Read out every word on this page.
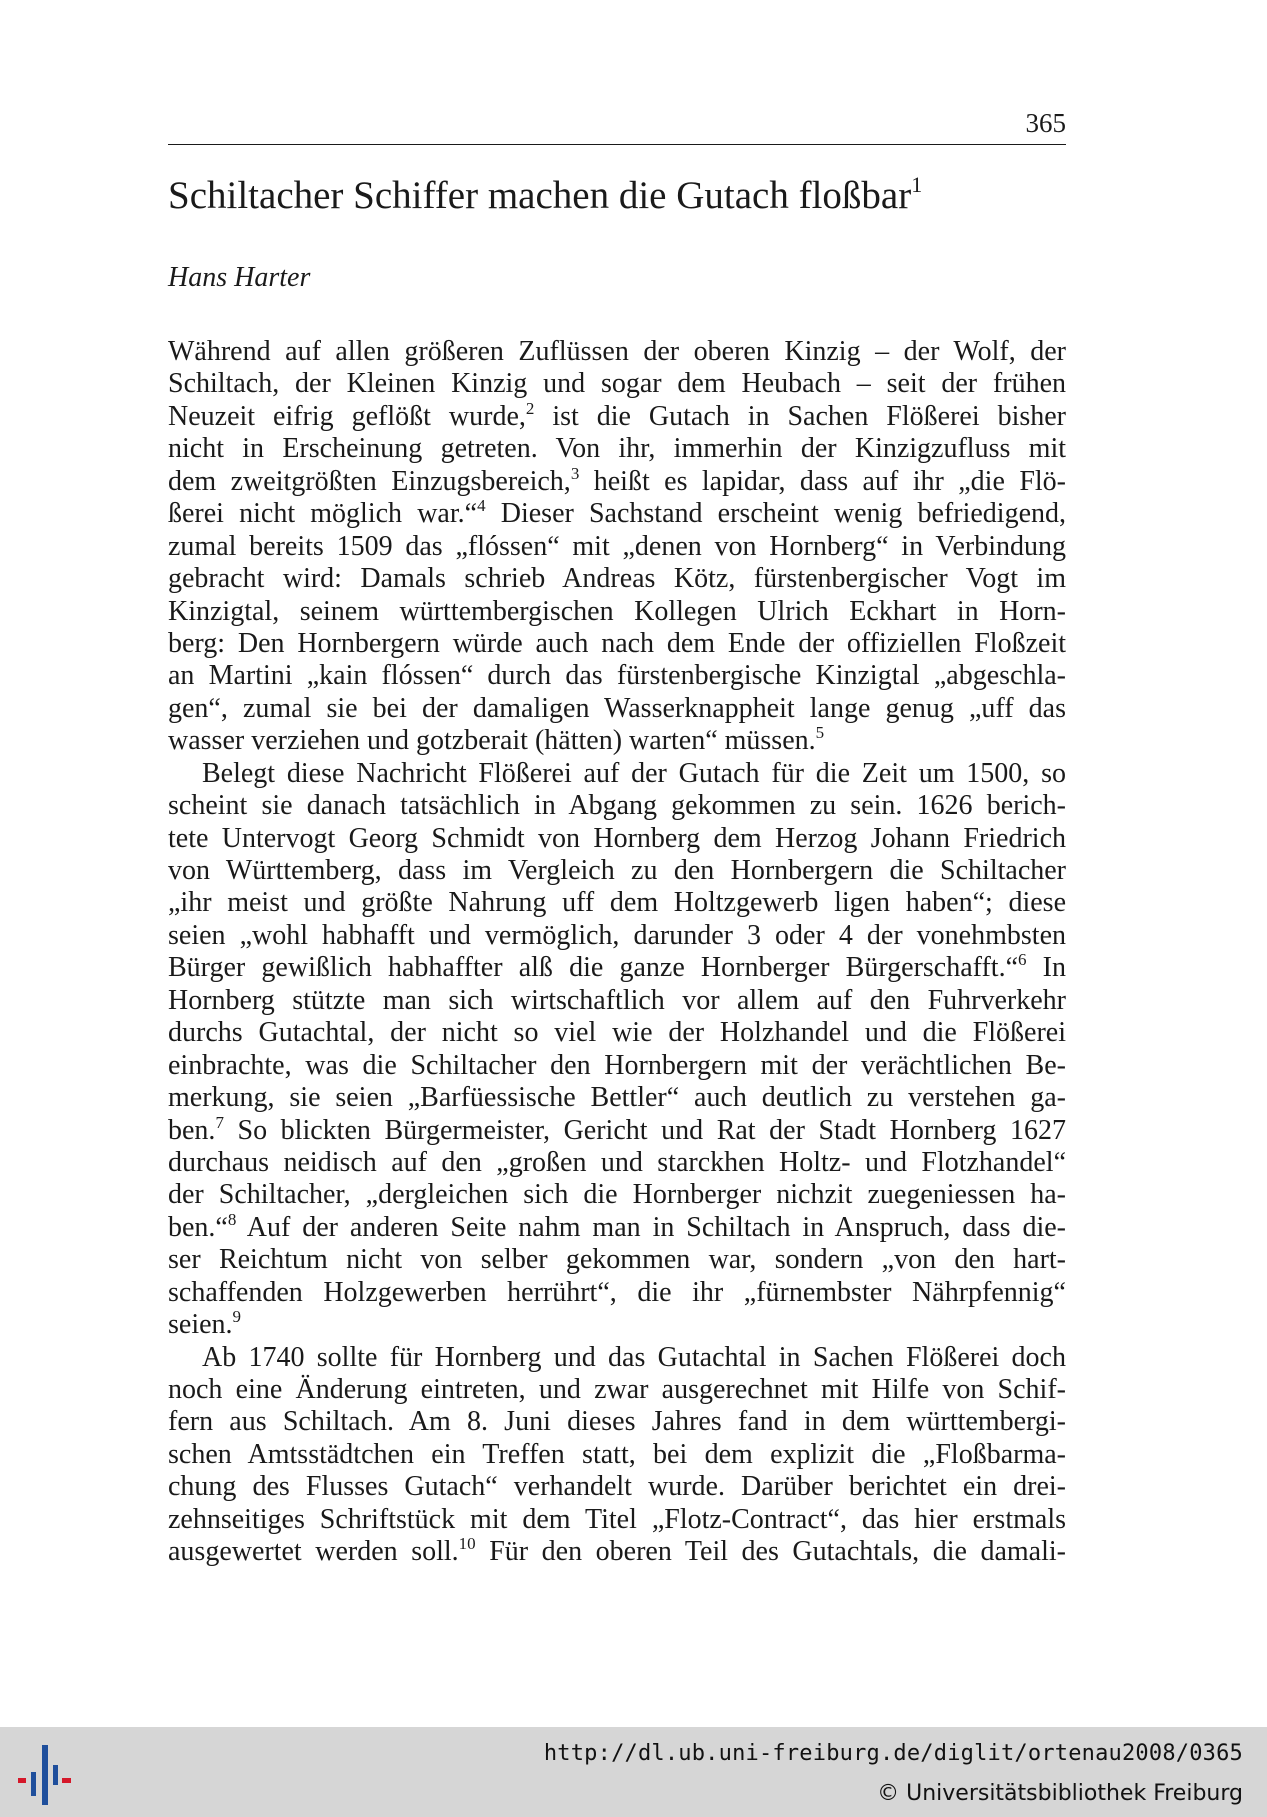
365
Schiltacher Schiffer machen die Gutach floßbar$^1$
Hans Harter
Während auf allen größeren Zuflüssen der oberen Kinzig – der Wolf, der
Schiltach, der Kleinen Kinzig und sogar dem Heubach – seit der frühen
Neuzeit eifrig geflößt wurde,$^2$ ist die Gutach in Sachen Flößerei bisher
nicht in Erscheinung getreten. Von ihr, immerhin der Kinzigzufluss mit
dem zweitgrößten Einzugsbereich,$^3$ heißt es lapidar, dass auf ihr „die Flö-
ßerei nicht möglich war.“$^4$ Dieser Sachstand erscheint wenig befriedigend,
zumal bereits 1509 das „flóssen“ mit „denen von Hornberg“ in Verbindung
gebracht wird: Damals schrieb Andreas Kötz, fürstenbergischer Vogt im
Kinzigtal, seinem württembergischen Kollegen Ulrich Eckhart in Horn-
berg: Den Hornbergern würde auch nach dem Ende der offiziellen Floßzeit
an Martini „kain flóssen“ durch das fürstenbergische Kinzigtal „abgeschla-
gen“, zumal sie bei der damaligen Wasserknappheit lange genug „uff das
wasser verziehen und gotzberait (hätten) warten“ müssen.$^5$
Belegt diese Nachricht Flößerei auf der Gutach für die Zeit um 1500, so
scheint sie danach tatsächlich in Abgang gekommen zu sein. 1626 berich-
tete Untervogt Georg Schmidt von Hornberg dem Herzog Johann Friedrich
von Württemberg, dass im Vergleich zu den Hornbergern die Schiltacher
„ihr meist und größte Nahrung uff dem Holtzgewerb ligen haben“; diese
seien „wohl habhafft und vermöglich, darunder 3 oder 4 der vonehmbsten
Bürger gewißlich habhaffter alß die ganze Hornberger Bürgerschafft.“$^6$ In
Hornberg stützte man sich wirtschaftlich vor allem auf den Fuhrverkehr
durchs Gutachtal, der nicht so viel wie der Holzhandel und die Flößerei
einbrachte, was die Schiltacher den Hornbergern mit der verächtlichen Be-
merkung, sie seien „Barfüessische Bettler“ auch deutlich zu verstehen ga-
ben.$^7$ So blickten Bürgermeister, Gericht und Rat der Stadt Hornberg 1627
durchaus neidisch auf den „großen und starckhen Holtz- und Flotzhandel“
der Schiltacher, „dergleichen sich die Hornberger nichzit zuegeniessen ha-
ben.“$^8$ Auf der anderen Seite nahm man in Schiltach in Anspruch, dass die-
ser Reichtum nicht von selber gekommen war, sondern „von den hart-
schaffenden Holzgewerben herrührt“, die ihr „fürnembster Nährpfennig“
seien.$^9$
Ab 1740 sollte für Hornberg und das Gutachtal in Sachen Flößerei doch
noch eine Änderung eintreten, und zwar ausgerechnet mit Hilfe von Schif-
fern aus Schiltach. Am 8. Juni dieses Jahres fand in dem württembergi-
schen Amtsstädtchen ein Treffen statt, bei dem explizit die „Floßbarma-
chung des Flusses Gutach“ verhandelt wurde. Darüber berichtet ein drei-
zehnseitiges Schriftstück mit dem Titel „Flotz-Contract“, das hier erstmals
ausgewertet werden soll.$^{10}$ Für den oberen Teil des Gutachtals, die damali-
http://dl.ub.uni-freiburg.de/diglit/ortenau2008/0365
© Universitätsbibliothek Freiburg
